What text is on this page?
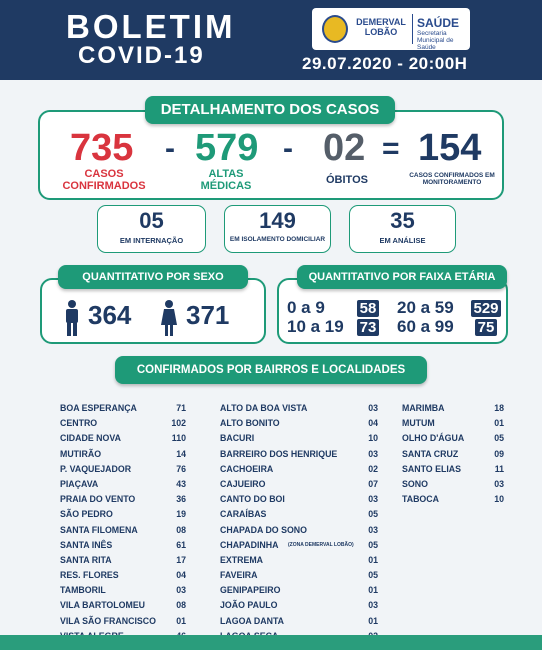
BOLETIM
COVID-19
DEMERVAL LOBÃO
SAÚDE
Secretaria Municipal de Saúde
29.07.2020 - 20:00H
735
CASOS CONFIRMADOS
- 579
ALTAS MÉDICAS
- 02
ÓBITOS
= 154
CASOS CONFIRMADOS EM MONITORAMENTO
DETALHAMENTO DOS CASOS
05
EM INTERNAÇÃO
149
EM ISOLAMENTO DOMICILIAR
35
EM ANÁLISE
364 371
QUANTITATIVO POR SEXO
0 a 9 58
10 a 19 73
20 a 59 529
60 a 99 75
QUANTITATIVO POR FAIXA ETÁRIA
CONFIRMADOS POR BAIRROS E LOCALIDADES
BOA ESPERANÇA	71
CENTRO	102
CIDADE NOVA	110
MUTIRÃO	14
P. VAQUEJADOR	76
PIAÇAVA	43
PRAIA DO VENTO	36
SÃO PEDRO	19
SANTA FILOMENA	08
SANTA INÊS	61
SANTA RITA	17
RES. FLORES	04
TAMBORIL	03
VILA BARTOLOMEU	08
VILA SÃO FRANCISCO	01
ALTO DA BOA VISTA	03
ALTO BONITO	04
BACURI	10
BARREIRO DOS HENRIQUE	03
CACHOEIRA	02
CAJUEIRO	07
CANTO DO BOI	03
CARAÍBAS	05
CHAPADA DO SONO	03
CHAPADINHA (ZONA DEMERVAL LOBÃO)	05
EXTREMA	01
FAVEIRA	05
GENIPAPEIRO	01
JOÃO PAULO	03
LAGOA DANTA	01
MARIMBA	18
MUTUM	01
OLHO D'ÁGUA	05
SANTA CRUZ	09
SANTO ELIAS	11
SONO	03
TABOCA	10
